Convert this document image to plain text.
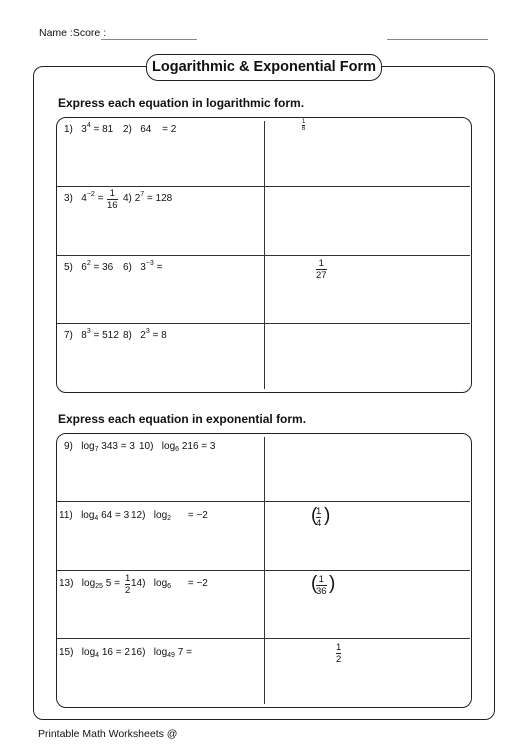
Name :Score :
Logarithmic & Exponential Form
Express each equation in logarithmic form.
1) $3^4 = 81$ 2) 64 = 2	$\frac{1}{6}$
3) $4^{-2} = \frac{1}{16} 4$) $2^7 = 128$
5) $6^2 = 36$ 6) $3^{-3}$ =	$\frac{1}{27}$
7) $8^3 = 512$ 8) $2^3 = 8$
Express each equation in exponential form.
9) $\log_7 343 = 3$ 10) $\log_6 216 = 3$
11) $\log_4 64 = 3$ 12) $\log_2 = -2$	(
$\frac{1}{4}$ )
13) $\log_{25} 5 = \frac{1}{2} 14$) $\log_6 = -2$	(
$\frac{1}{36}$ )
15) $\log_4 16 = 2$ 16) $\log_{49} 7$ =	$\frac{1}{2}$
Printable Math Worksheets @
